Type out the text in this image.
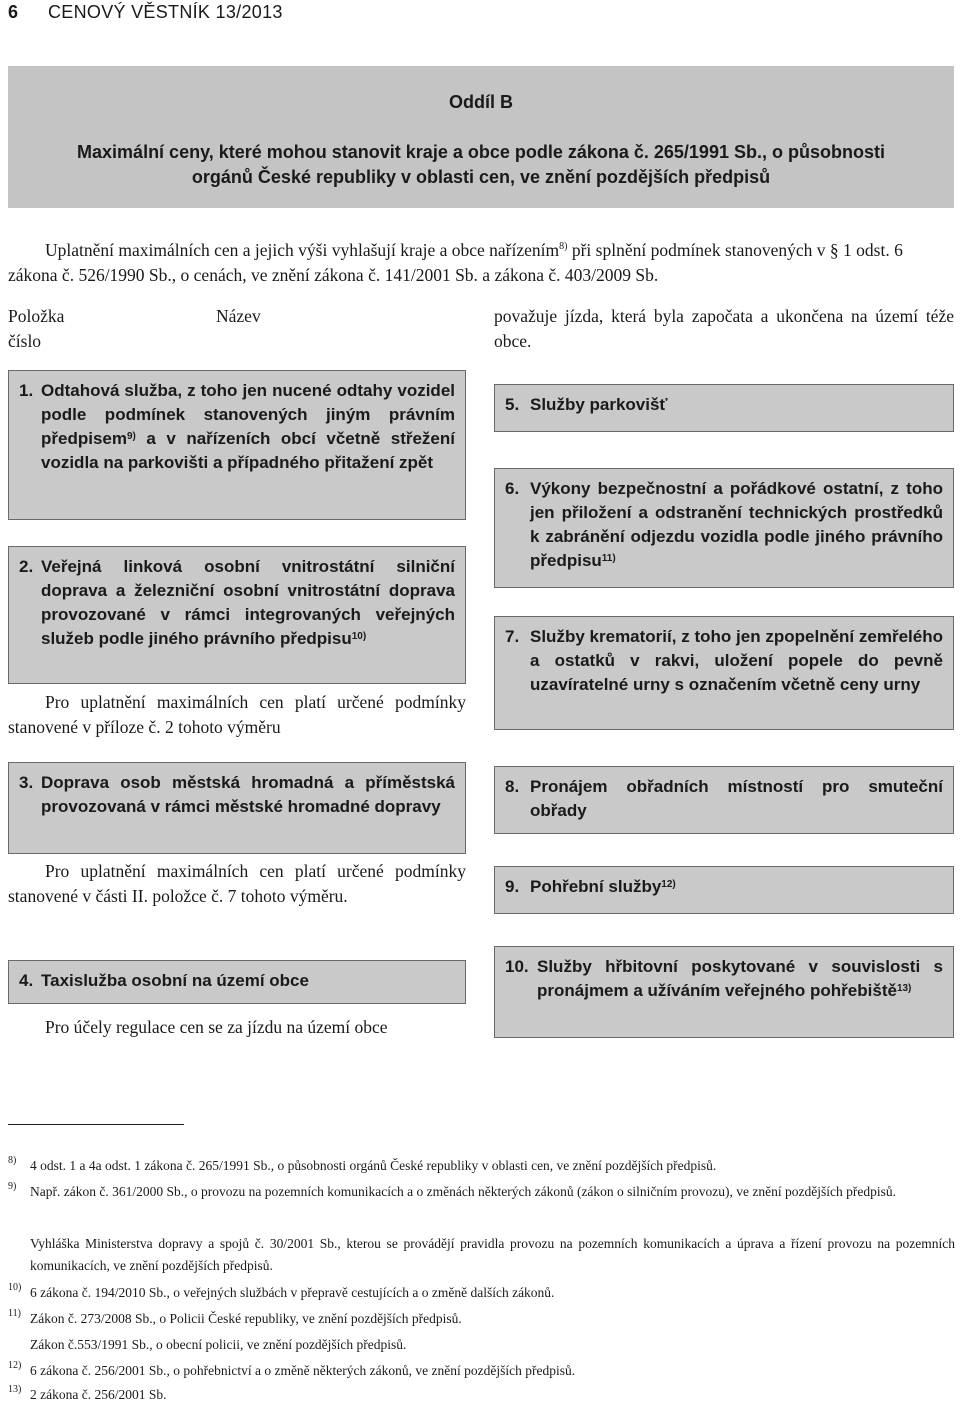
6 CENOVÝ VĚSTNÍK 13/2013
Oddíl B
Maximální ceny, které mohou stanovit kraje a obce podle zákona č. 265/1991 Sb., o působnosti
orgánů České republiky v oblasti cen, ve znění pozdějších předpisů
Uplatnění maximálních cen a jejich výši vyhlašují kraje a obce nařízením$^{8)}$ při splnění podmínek stanovených v § 1 odst. 6 zákona č. 526/1990 Sb., o cenách, ve znění zákona č. 141/2001 Sb. a zákona č. 403/2009 Sb.
Položka
číslo
Název
1. Odtahová služba, z toho jen nucené odtahy vozidel podle podmínek stanovených jiným právním předpisem$^{9)}$ a v nařízeních obcí včetně střežení vozidla na parkovišti a případného přitažení zpět
2. Veřejná linková osobní vnitrostátní silniční doprava a železniční osobní vnitrostátní doprava provozované v rámci integrovaných veřejných služeb podle jiného právního předpisu$^{10)}$
Pro uplatnění maximálních cen platí určené podmínky stanovené v příloze č. 2 tohoto výměru
3. Doprava osob městská hromadná a příměstská provozovaná v rámci městské hromadné dopravy
Pro uplatnění maximálních cen platí určené podmínky stanovené v části II. položce č. 7 tohoto výměru.
4. Taxislužba osobní na území obce
Pro účely regulace cen se za jízdu na území obce
považuje jízda, která byla započata a ukončena na území téže obce.
5. Služby parkovišť
6. Výkony bezpečnostní a pořádkové ostatní, z toho jen přiložení a odstranění technických prostředků k zabránění odjezdu vozidla podle jiného právního předpisu$^{11)}$
7. Služby krematorií, z toho jen zpopelnění zemřelého a ostatků v rakvi, uložení popele do pevně uzavíratelné urny s označením včetně ceny urny
8. Pronájem obřadních místností pro smuteční obřady
9. Pohřební služby$^{12)}$
10. Služby hřbitovní poskytované v souvislosti s pronájmem a užíváním veřejného pohřebiště$^{13)}$
8) 4 odst. 1 a 4a odst. 1 zákona č. 265/1991 Sb., o působnosti orgánů České republiky v oblasti cen, ve znění pozdějších předpisů.
9) Např. zákon č. 361/2000 Sb., o provozu na pozemních komunikacích a o změnách některých zákonů (zákon o silničním provozu), ve znění pozdějších předpisů.
Vyhláška Ministerstva dopravy a spojů č. 30/2001 Sb., kterou se provádějí pravidla provozu na pozemních komunikacích a úprava a řízení provozu na pozemních komunikacích, ve znění pozdějších předpisů.
10) 6 zákona č. 194/2010 Sb., o veřejných službách v přepravě cestujících a o změně dalších zákonů.
11) Zákon č. 273/2008 Sb., o Policii České republiky, ve znění pozdějších předpisů.
Zákon č.553/1991 Sb., o obecní policii, ve znění pozdějších předpisů.
12) 6 zákona č. 256/2001 Sb., o pohřebnictví a o změně některých zákonů, ve znění pozdějších předpisů.
13) 2 zákona č. 256/2001 Sb.
